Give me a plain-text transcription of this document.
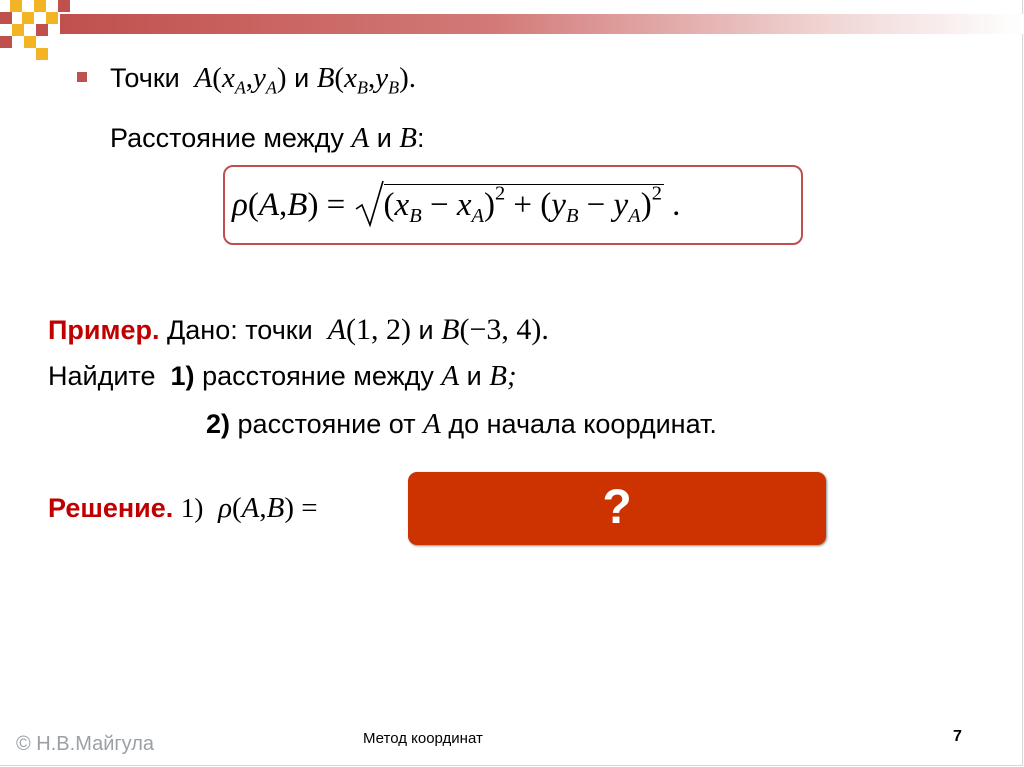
Точки $A(x_A,y_A)$ и $B(x_B,y_B)$.
Расстояние между A и B:
ρ(A,B) =
$(x_B - x_A)^2 + (y_B - y_A)^2$ .
Пример. Дано: точки A(1, 2) и B(−3, 4).
Найдите 1) расстояние между A и B;
2) расстояние от A до начала координат.
Решение. 1) ρ(A,B) =	?
© Н.В.Майгула	Метод координат	7
